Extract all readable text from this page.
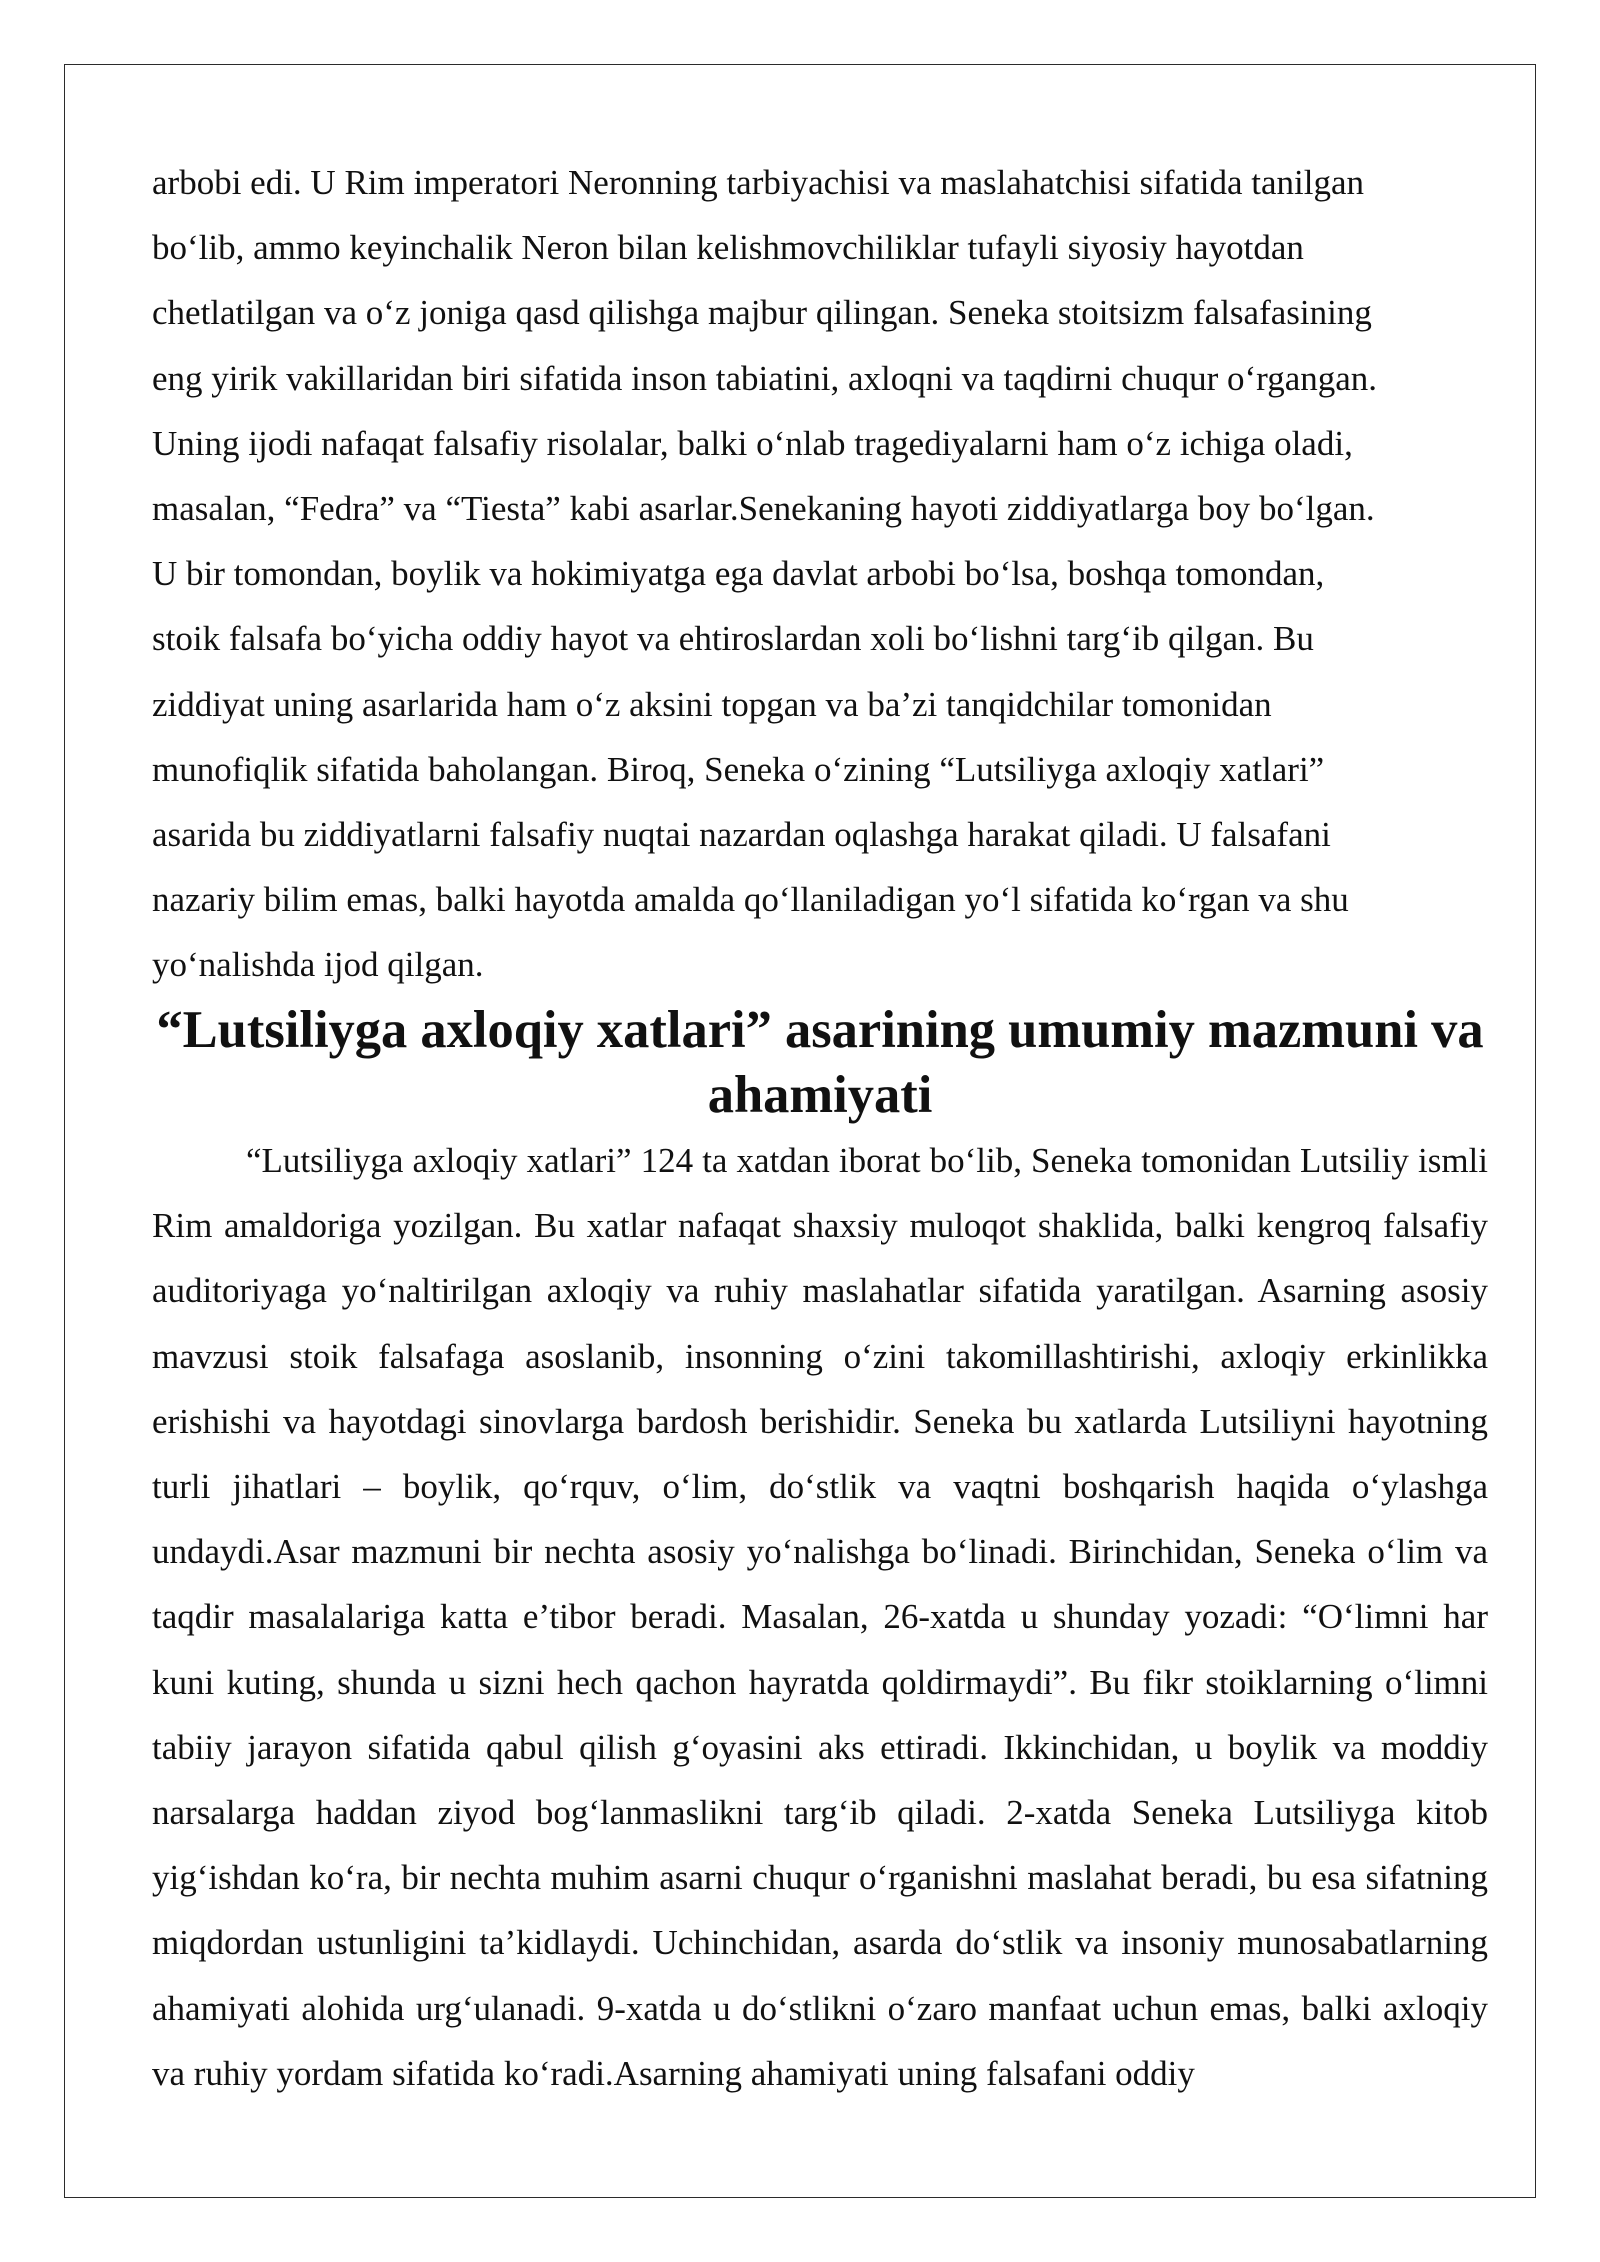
arbobi edi. U Rim imperatori Neronning tarbiyachisi va maslahatchisi sifatida tanilgan
bo‘lib, ammo keyinchalik Neron bilan kelishmovchiliklar tufayli siyosiy hayotdan
chetlatilgan va o‘z joniga qasd qilishga majbur qilingan. Seneka stoitsizm falsafasining
eng yirik vakillaridan biri sifatida inson tabiatini, axloqni va taqdirni chuqur o‘rgangan.
Uning ijodi nafaqat falsafiy risolalar, balki o‘nlab tragediyalarni ham o‘z ichiga oladi,
masalan, “Fedra” va “Tiesta” kabi asarlar.Senekaning hayoti ziddiyatlarga boy bo‘lgan.
U bir tomondan, boylik va hokimiyatga ega davlat arbobi bo‘lsa, boshqa tomondan,
stoik falsafa bo‘yicha oddiy hayot va ehtiroslardan xoli bo‘lishni targ‘ib qilgan. Bu
ziddiyat uning asarlarida ham o‘z aksini topgan va ba’zi tanqidchilar tomonidan
munofiqlik sifatida baholangan. Biroq, Seneka o‘zining “Lutsiliyga axloqiy xatlari”
asarida bu ziddiyatlarni falsafiy nuqtai nazardan oqlashga harakat qiladi. U falsafani
nazariy bilim emas, balki hayotda amalda qo‘llaniladigan yo‘l sifatida ko‘rgan va shu
yo‘nalishda ijod qilgan.
“Lutsiliyga axloqiy xatlari” asarining umumiy mazmuni va ahamiyati

“Lutsiliyga axloqiy xatlari” 124 ta xatdan iborat bo‘lib, Seneka tomonidan Lutsiliy ismli Rim amaldoriga yozilgan. Bu xatlar nafaqat shaxsiy muloqot shaklida, balki kengroq falsafiy auditoriyaga yo‘naltirilgan axloqiy va ruhiy maslahatlar sifatida yaratilgan. Asarning asosiy mavzusi stoik falsafaga asoslanib, insonning o‘zini takomillashtirishi, axloqiy erkinlikka erishishi va hayotdagi sinovlarga bardosh berishidir. Seneka bu xatlarda Lutsiliyni hayotning turli jihatlari – boylik, qo‘rquv, o‘lim, do‘stlik va vaqtni boshqarish haqida o‘ylashga undaydi.Asar mazmuni bir nechta asosiy yo‘nalishga bo‘linadi. Birinchidan, Seneka o‘lim va taqdir masalalariga katta e’tibor beradi. Masalan, 26-xatda u shunday yozadi: “O‘limni har kuni kuting, shunda u sizni hech qachon hayratda qoldirmaydi”. Bu fikr stoiklarning o‘limni tabiiy jarayon sifatida qabul qilish g‘oyasini aks ettiradi. Ikkinchidan, u boylik va moddiy narsalarga haddan ziyod bog‘lanmaslikni targ‘ib qiladi. 2-xatda Seneka Lutsiliyga kitob yig‘ishdan ko‘ra, bir nechta muhim asarni chuqur o‘rganishni maslahat beradi, bu esa sifatning miqdordan ustunligini ta’kidlaydi. Uchinchidan, asarda do‘stlik va insoniy munosabatlarning ahamiyati alohida urg‘ulanadi. 9-xatda u do‘stlikni o‘zaro manfaat uchun emas, balki axloqiy va ruhiy yordam sifatida ko‘radi.Asarning ahamiyati uning falsafani oddiy
